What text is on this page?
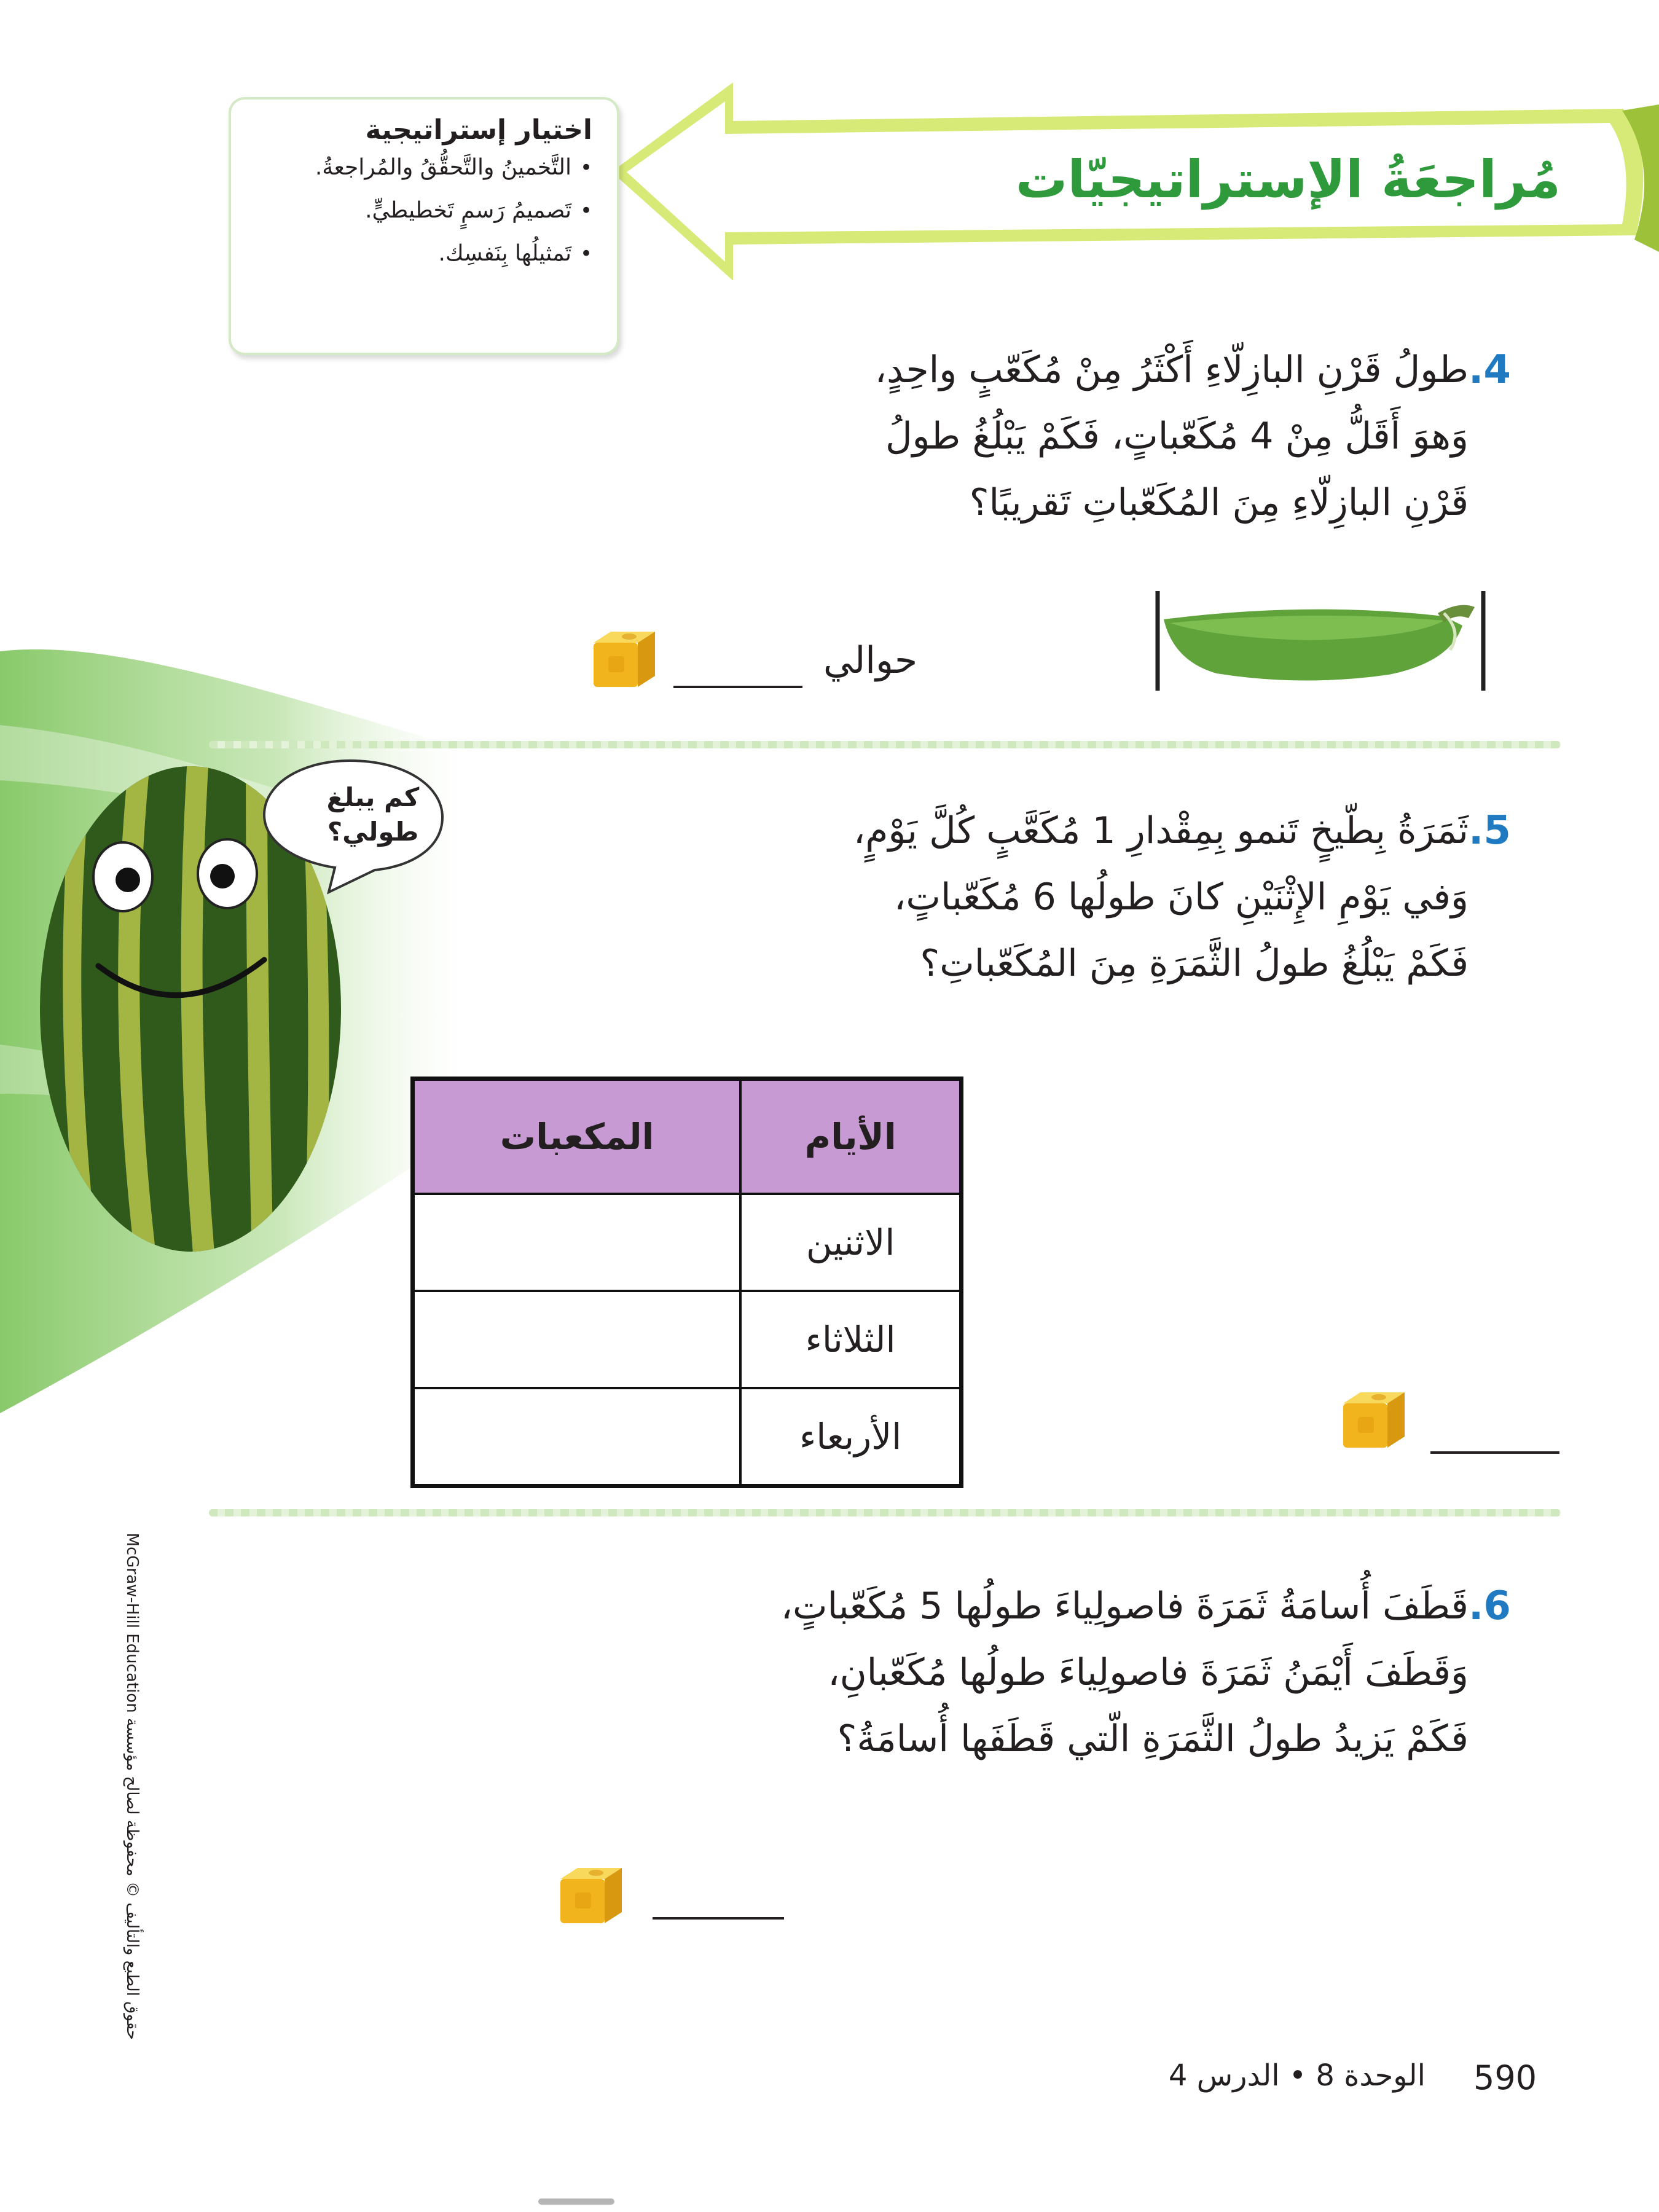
مُراجعَةُ الإستراتيجيّات
اختيار إستراتيجية
• التَّخمينُ والتَّحقُّقُ والمُراجعةُ.
• تَصميمُ رَسمٍ تَخطيطيٍّ.
• تَمثيلُها بِنَفسِك.
.4
طولُ قَرْنِ البازِلّاءِ أَكْثَرُ مِنْ مُكَعّبٍ واحِدٍ،
وَهوَ أَقَلُّ مِنْ 4 مُكَعّباتٍ، فَكَمْ يَبْلُغُ طولُ
قَرْنِ البازِلّاءِ مِنَ المُكَعّباتِ تَقريبًا؟
حوالي
.5
ثَمَرَةُ بِطّيخٍ تَنمو بِمِقْدارِ 1 مُكَعَّبٍ كُلَّ يَوْمٍ،
وَفي يَوْمِ الإِثْنَيْنِ كانَ طولُها 6 مُكَعّباتٍ،
فَكَمْ يَبْلُغُ طولُ الثَّمَرَةِ مِنَ المُكَعّباتِ؟
كم يبلغ طولي؟
الأيام	المكعبات
الاثنين	
الثلاثاء	
الأربعاء	
.6
قَطَفَ أُسامَةُ ثَمَرَةَ فاصولِياءَ طولُها 5 مُكَعّباتٍ،
وَقَطَفَ أَيْمَنُ ثَمَرَةَ فاصولِياءَ طولُها مُكَعّبانِ،
فَكَمْ يَزيدُ طولُ الثَّمَرَةِ الّتي قَطَفَها أُسامَةُ؟
حقوق الطبع والتأليف © محفوظة لصالح مؤسسة McGraw-Hill Education
الوحدة 8 • الدرس 4 590
